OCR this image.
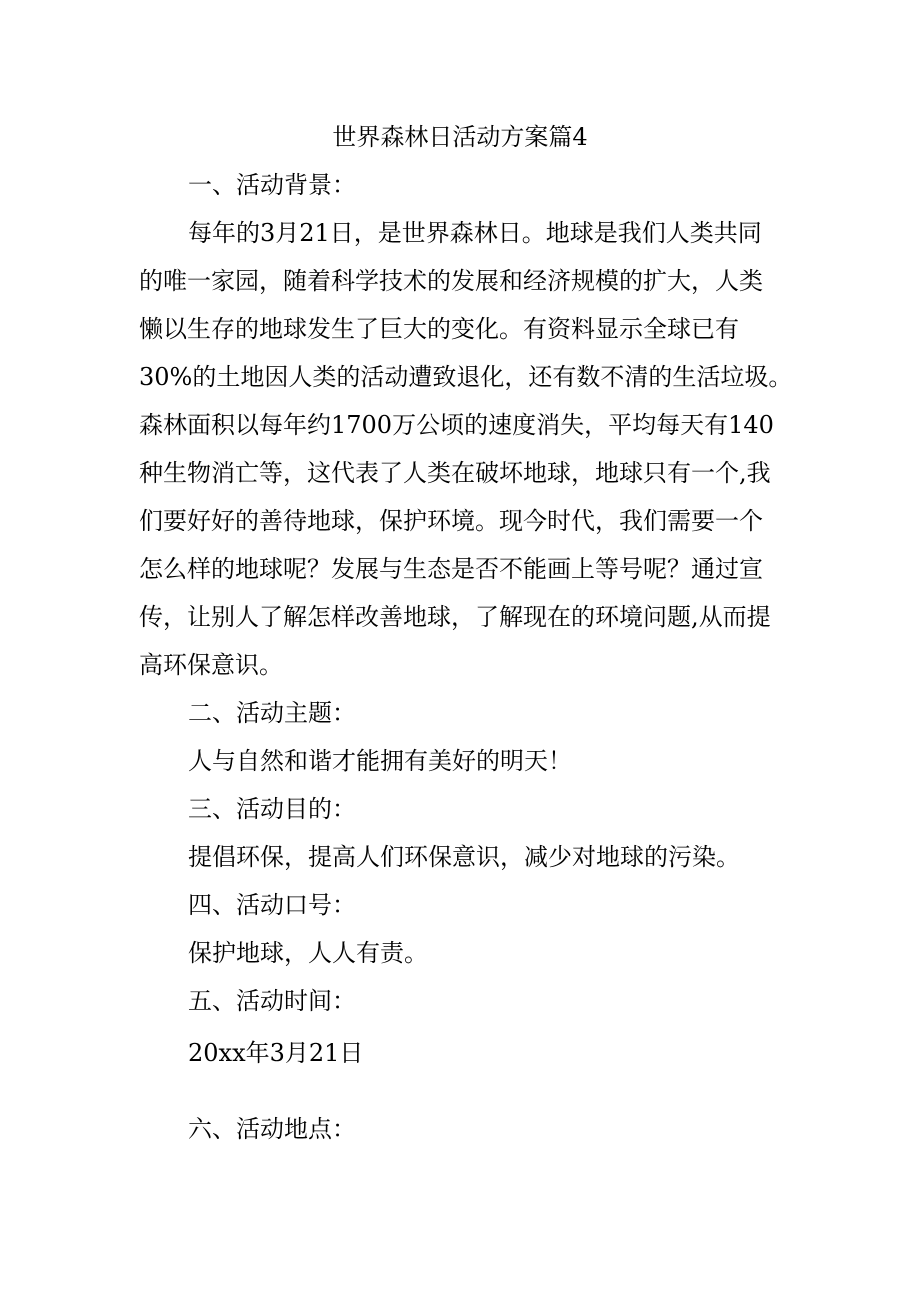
世界森林日活动方案篇4
一、活动背景：
每年的3月21日，是世界森林日。地球是我们人类共同
的唯一家园，随着科学技术的发展和经济规模的扩大，人类
懒以生存的地球发生了巨大的变化。有资料显示全球已有
30%的土地因人类的活动遭致退化，还有数不清的生活垃圾。
森林面积以每年约1700万公顷的速度消失，平均每天有140
种生物消亡等，这代表了人类在破坏地球，地球只有一个,我
们要好好的善待地球，保护环境。现今时代，我们需要一个
怎么样的地球呢？发展与生态是否不能画上等号呢？通过宣
传，让别人了解怎样改善地球，了解现在的环境问题,从而提
高环保意识。
二、活动主题：
人与自然和谐才能拥有美好的明天！
三、活动目的：
提倡环保，提高人们环保意识，减少对地球的污染。
四、活动口号：
保护地球，人人有责。
五、活动时间：
20xx年3月21日
六、活动地点：
